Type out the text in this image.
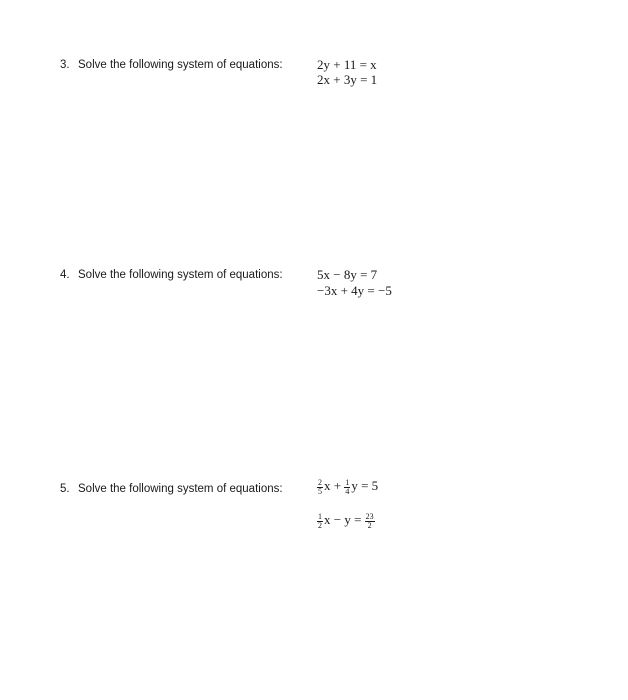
3. Solve the following system of equations:	2y + 11 = x
2x + 3y = 1
4. Solve the following system of equations:	5x − 8y = 7
−3x + 4y = −5
5. Solve the following system of equations:	$\frac{2}{5}$ $x + \frac{1}{4}$ y = 5
$\frac{1}{2}$ $x - y = \frac{23}{2}$
